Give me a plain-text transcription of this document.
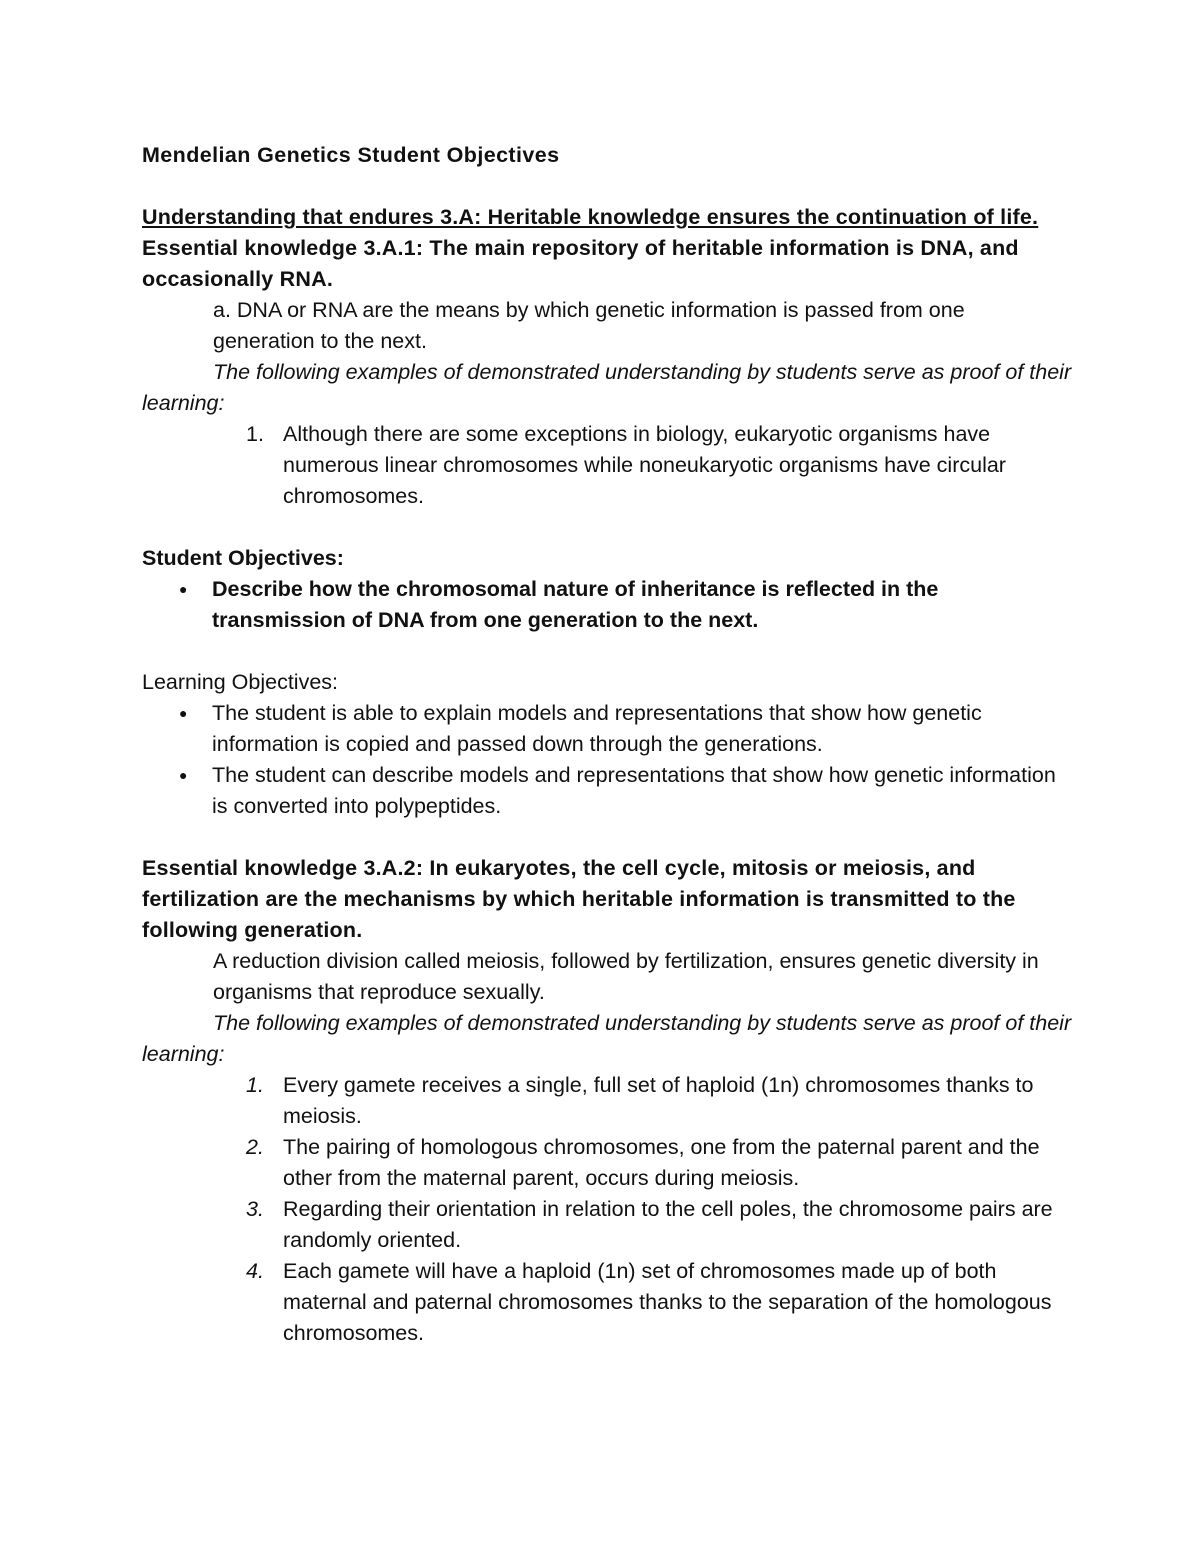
Mendelian Genetics Student Objectives

Understanding that endures 3.A: Heritable knowledge ensures the continuation of life.

Essential knowledge 3.A.1: The main repository of heritable information is DNA, and occasionally RNA.

a. DNA or RNA are the means by which genetic information is passed from one generation to the next.

The following examples of demonstrated understanding by students serve as proof of their learning:

1. Although there are some exceptions in biology, eukaryotic organisms have numerous linear chromosomes while noneukaryotic organisms have circular chromosomes.

Student Objectives:

● Describe how the chromosomal nature of inheritance is reflected in the transmission of DNA from one generation to the next.

Learning Objectives:

● The student is able to explain models and representations that show how genetic information is copied and passed down through the generations.
● The student can describe models and representations that show how genetic information is converted into polypeptides.

Essential knowledge 3.A.2: In eukaryotes, the cell cycle, mitosis or meiosis, and fertilization are the mechanisms by which heritable information is transmitted to the following generation.

A reduction division called meiosis, followed by fertilization, ensures genetic diversity in organisms that reproduce sexually.

The following examples of demonstrated understanding by students serve as proof of their learning:

1. Every gamete receives a single, full set of haploid (1n) chromosomes thanks to meiosis.
2. The pairing of homologous chromosomes, one from the paternal parent and the other from the maternal parent, occurs during meiosis.
3. Regarding their orientation in relation to the cell poles, the chromosome pairs are randomly oriented.
4. Each gamete will have a haploid (1n) set of chromosomes made up of both maternal and paternal chromosomes thanks to the separation of the homologous chromosomes.
